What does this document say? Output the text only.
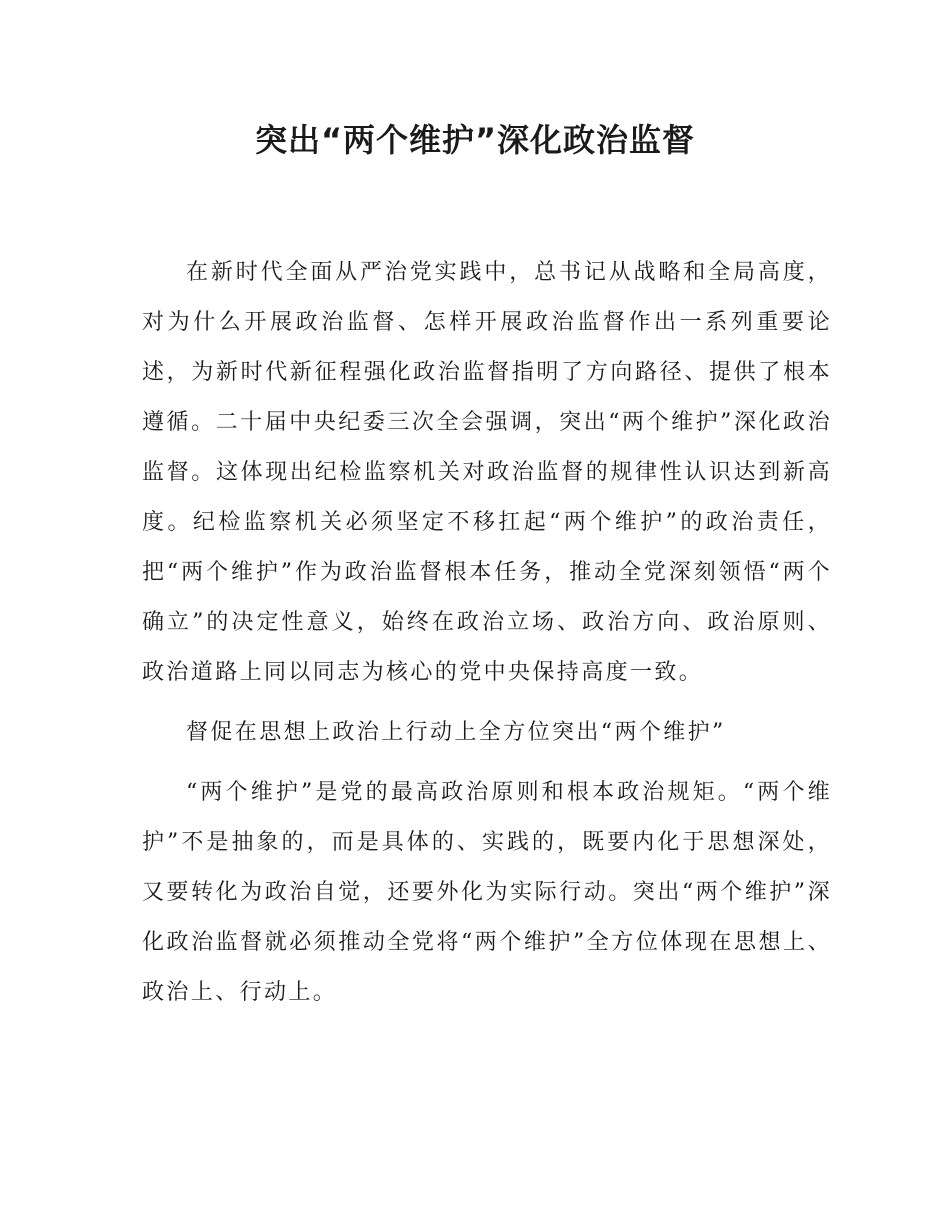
突出“两个维护”深化政治监督

在新时代全面从严治党实践中，总书记从战略和全局高度，对为什么开展政治监督、怎样开展政治监督作出一系列重要论述，为新时代新征程强化政治监督指明了方向路径、提供了根本遵循。二十届中央纪委三次全会强调，突出“两个维护”深化政治监督。这体现出纪检监察机关对政治监督的规律性认识达到新高度。纪检监察机关必须坚定不移扛起“两个维护”的政治责任，把“两个维护”作为政治监督根本任务，推动全党深刻领悟“两个确立”的决定性意义，始终在政治立场、政治方向、政治原则、政治道路上同以同志为核心的党中央保持高度一致。

督促在思想上政治上行动上全方位突出“两个维护”

“两个维护”是党的最高政治原则和根本政治规矩。“两个维护”不是抽象的，而是具体的、实践的，既要内化于思想深处，又要转化为政治自觉，还要外化为实际行动。突出“两个维护”深化政治监督就必须推动全党将“两个维护”全方位体现在思想上、政治上、行动上。
